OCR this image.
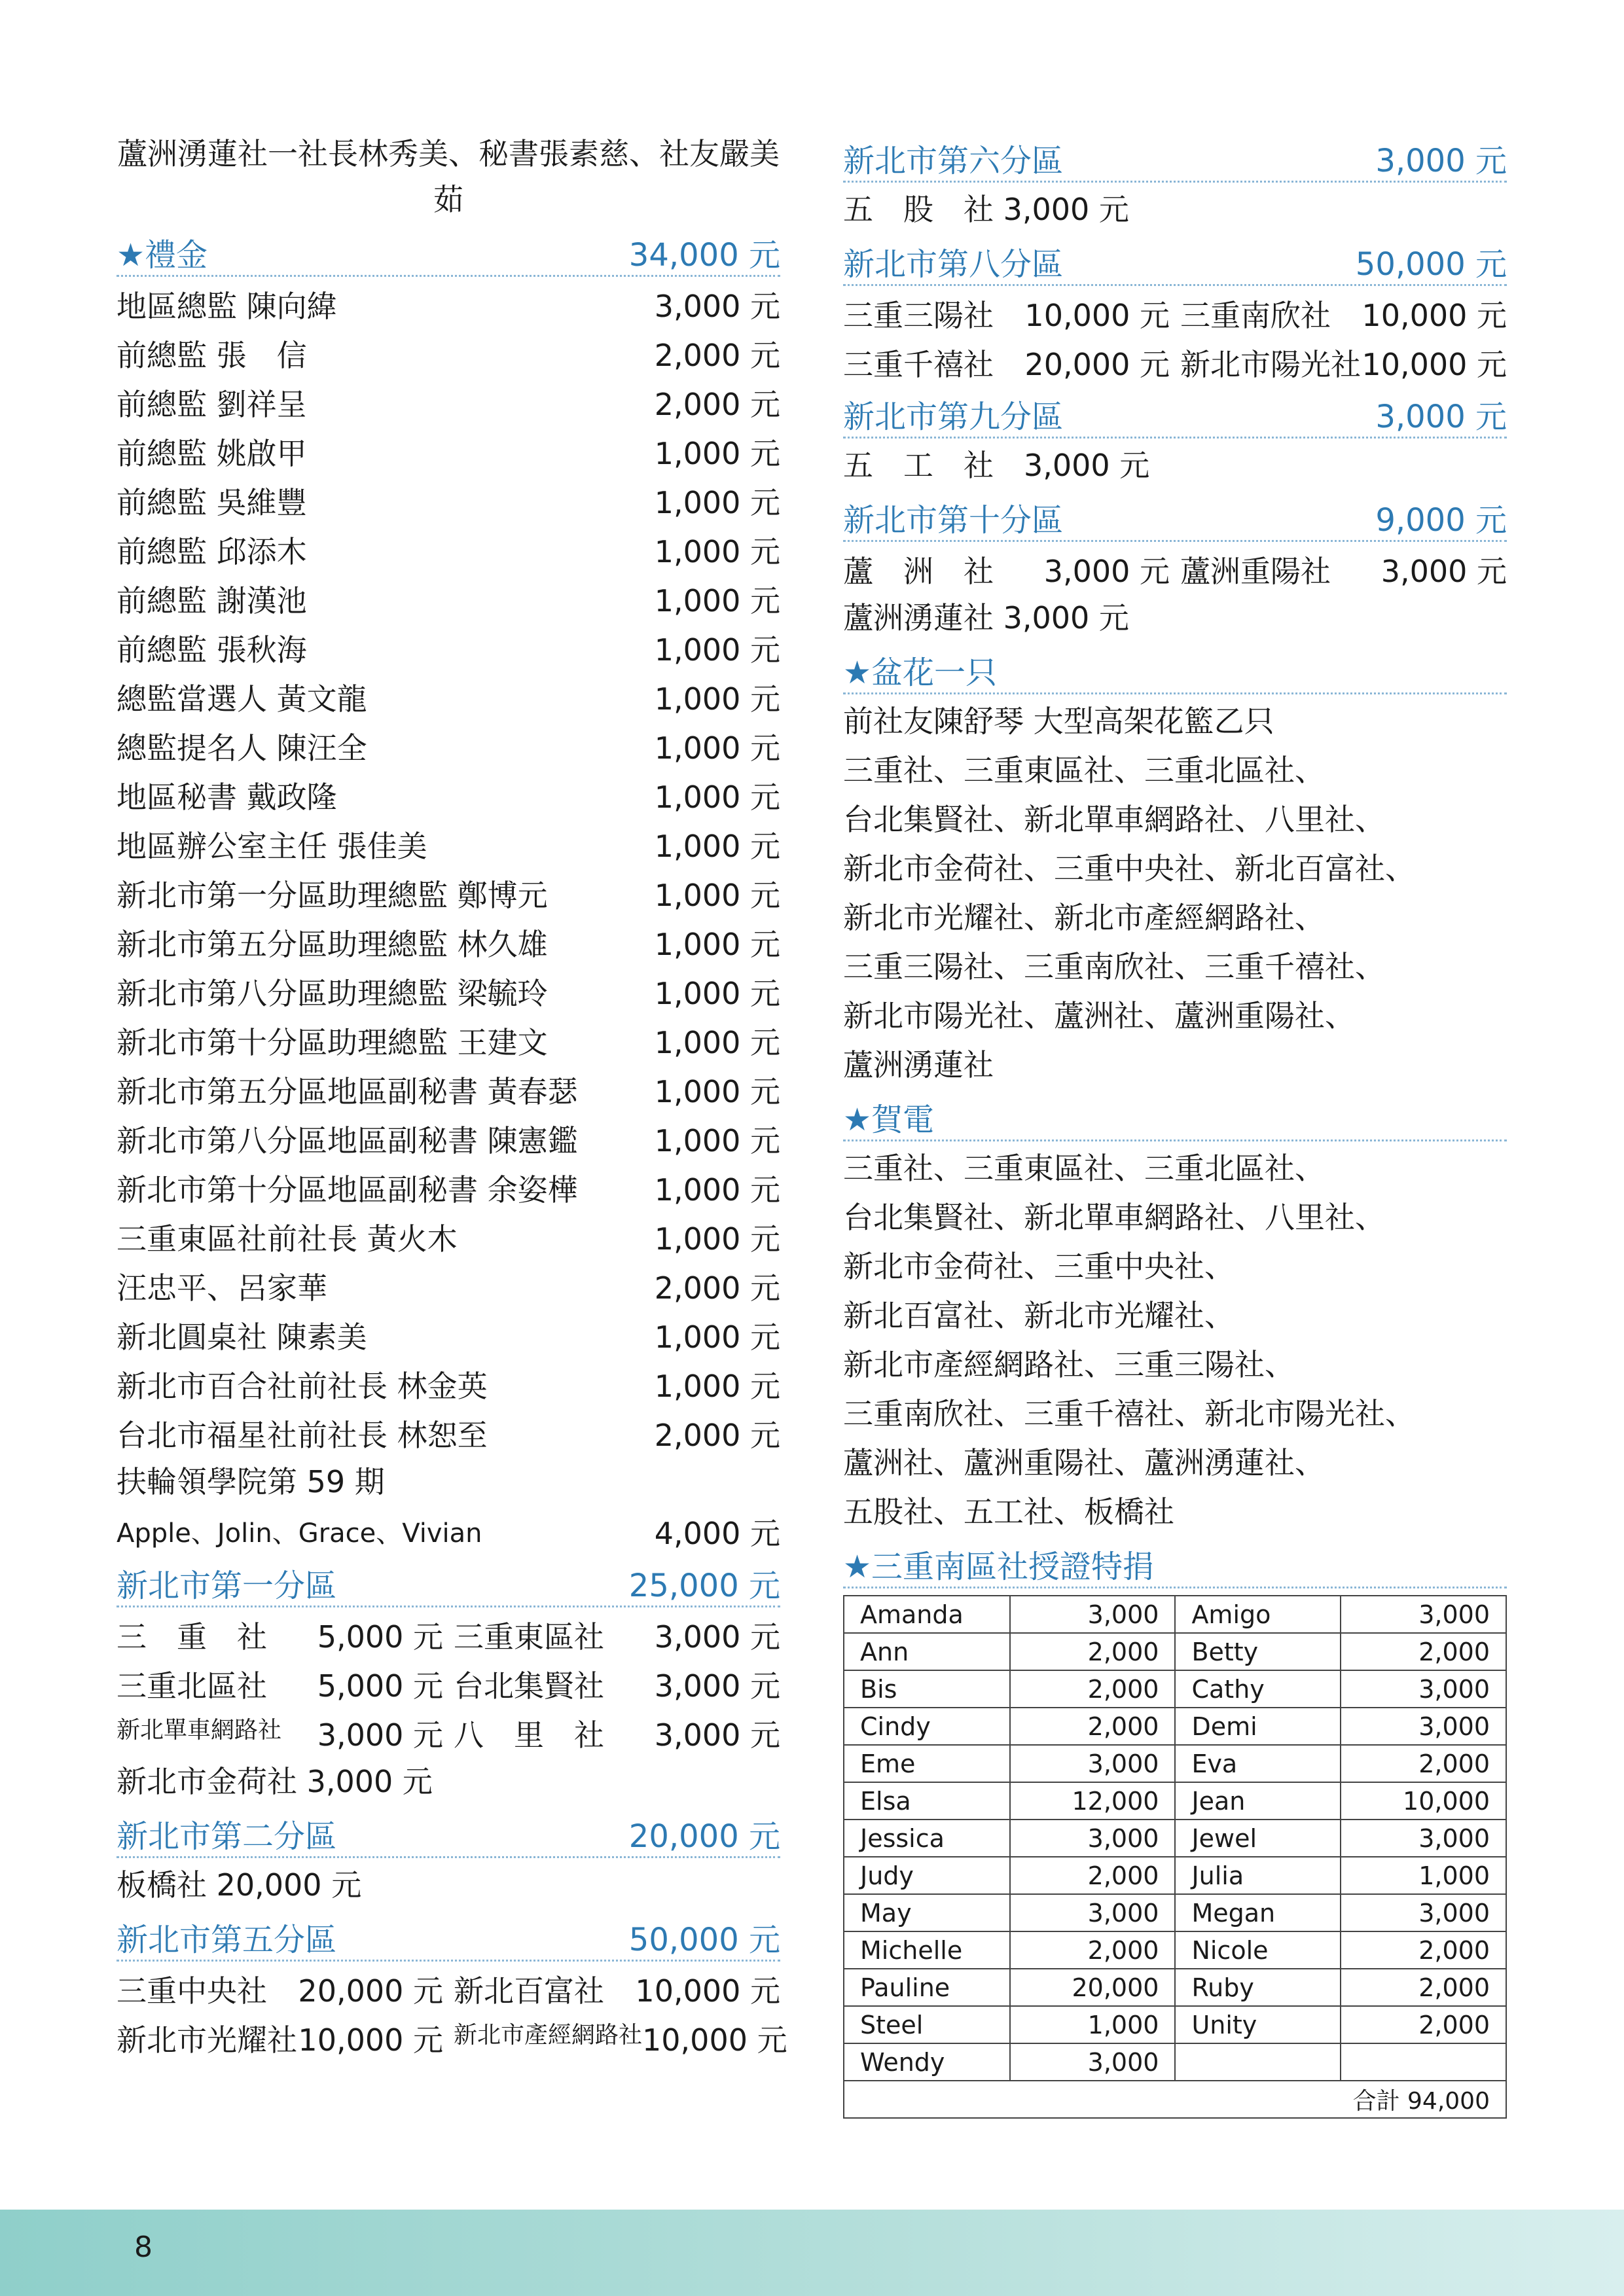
蘆洲湧蓮社一社長林秀美、秘書張素慈、社友嚴美茹
★禮金	34,000 元
地區總監 陳向緯	3,000 元
前總監 張　信	2,000 元
前總監 劉祥呈	2,000 元
前總監 姚啟甲	1,000 元
前總監 吳維豐	1,000 元
前總監 邱添木	1,000 元
前總監 謝漢池	1,000 元
前總監 張秋海	1,000 元
總監當選人 黃文龍	1,000 元
總監提名人 陳汪全	1,000 元
地區秘書 戴政隆	1,000 元
地區辦公室主任 張佳美	1,000 元
新北市第一分區助理總監 鄭博元	1,000 元
新北市第五分區助理總監 林久雄	1,000 元
新北市第八分區助理總監 梁毓玲	1,000 元
新北市第十分區助理總監 王建文	1,000 元
新北市第五分區地區副秘書 黃春瑟	1,000 元
新北市第八分區地區副秘書 陳憲鑑	1,000 元
新北市第十分區地區副秘書 余姿樺	1,000 元
三重東區社前社長 黃火木	1,000 元
汪忠平、呂家華	2,000 元
新北圓桌社 陳素美	1,000 元
新北市百合社前社長 林金英	1,000 元
台北市福星社前社長 林恕至	2,000 元
扶輪領學院第 59 期
Apple、Jolin、Grace、Vivian	4,000 元
新北市第一分區	25,000 元
三　重　社 5,000 元 三重東區社 3,000 元
三重北區社 5,000 元 台北集賢社 3,000 元
新北單車網路社 3,000 元 八　里　社 3,000 元
新北市金荷社 3,000 元
新北市第二分區	20,000 元
板橋社 20,000 元
新北市第五分區	50,000 元
三重中央社 20,000 元 新北百富社 10,000 元
新北市光耀社 10,000 元 新北市產經網路社 10,000 元
新北市第六分區	3,000 元
五　股　社 3,000 元
新北市第八分區	50,000 元
三重三陽社 10,000 元 三重南欣社 10,000 元
三重千禧社 20,000 元 新北市陽光社 10,000 元
新北市第九分區	3,000 元
五　工　社　3,000 元
新北市第十分區	9,000 元
蘆　洲　社 3,000 元 蘆洲重陽社 3,000 元
蘆洲湧蓮社 3,000 元
★盆花一只
前社友陳舒琴 大型高架花籃乙只
三重社、三重東區社、三重北區社、
台北集賢社、新北單車網路社、八里社、
新北市金荷社、三重中央社、新北百富社、
新北市光耀社、新北市產經網路社、
三重三陽社、三重南欣社、三重千禧社、
新北市陽光社、蘆洲社、蘆洲重陽社、
蘆洲湧蓮社
★賀電
三重社、三重東區社、三重北區社、
台北集賢社、新北單車網路社、八里社、
新北市金荷社、三重中央社、
新北百富社、新北市光耀社、
新北市產經網路社、三重三陽社、
三重南欣社、三重千禧社、新北市陽光社、
蘆洲社、蘆洲重陽社、蘆洲湧蓮社、
五股社、五工社、板橋社
★三重南區社授證特捐
Amanda	3,000	Amigo	3,000
Ann	2,000	Betty	2,000
Bis	2,000	Cathy	3,000
Cindy	2,000	Demi	3,000
Eme	3,000	Eva	2,000
Elsa	12,000	Jean	10,000
Jessica	3,000	Jewel	3,000
Judy	2,000	Julia	1,000
May	3,000	Megan	3,000
Michelle	2,000	Nicole	2,000
Pauline	20,000	Ruby	2,000
Steel	1,000	Unity	2,000
Wendy	3,000		
合計 94,000			
8
